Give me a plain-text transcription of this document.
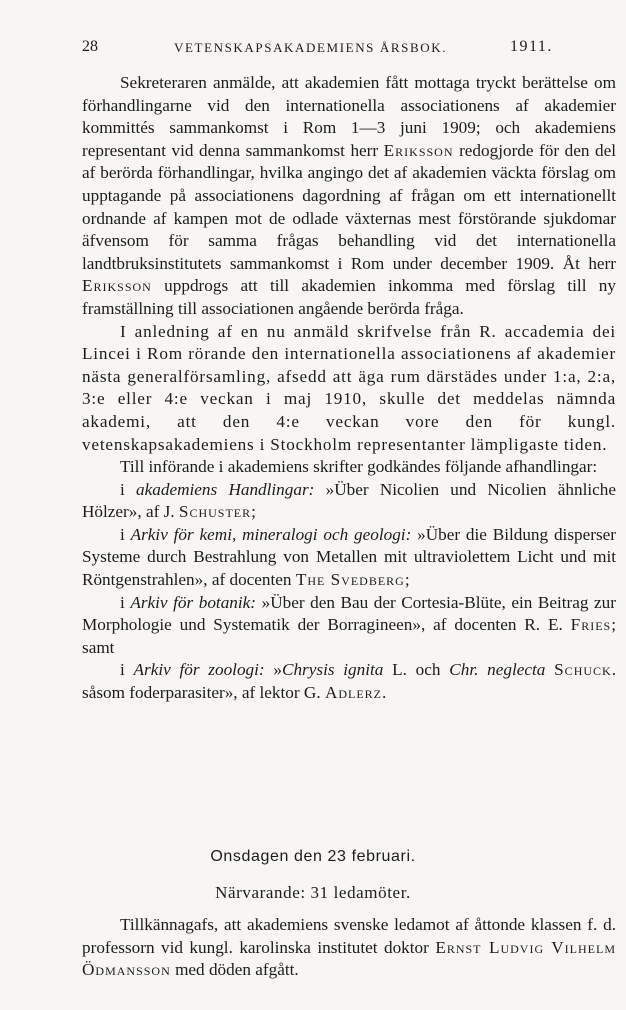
28	VETENSKAPSAKADEMIENS ÅRSBOK.	1911.

Sekreteraren anmälde, att akademien fått mottaga tryckt berättelse om förhandlingarne vid den internationella associationens af akademier kommittés sammankomst i Rom 1—3 juni 1909; och akademiens representant vid denna sammankomst herr Eriksson redogjorde för den del af berörda förhandlingar, hvilka angingo det af akademien väckta förslag om upptagande på associationens dagordning af frågan om ett internationellt ordnande af kampen mot de odlade växternas mest förstörande sjukdomar äfvensom för samma frågas behandling vid det internationella landtbruksinstitutets sammankomst i Rom under december 1909. Åt herr Eriksson uppdrogs att till akademien inkomma med förslag till ny framställning till associationen angående berörda fråga.

I anledning af en nu anmäld skrifvelse från R. accademia dei Lincei i Rom rörande den internationella associationens af akademier nästa generalförsamling, afsedd att äga rum därstädes under 1:a, 2:a, 3:e eller 4:e veckan i maj 1910, skulle det meddelas nämnda akademi, att den 4:e veckan vore den för kungl. vetenskapsakademiens i Stockholm representanter lämpligaste tiden.

Till införande i akademiens skrifter godkändes följande afhandlingar:

i akademiens Handlingar: »Über Nicolien und Nicolien ähnliche Hölzer», af J. Schuster;

i Arkiv för kemi, mineralogi och geologi: »Über die Bildung disperser Systeme durch Bestrahlung von Metallen mit ultraviolettem Licht und mit Röntgenstrahlen», af docenten The Svedberg;

i Arkiv för botanik: »Über den Bau der Cortesia-Blüte, ein Beitrag zur Morphologie und Systematik der Borragineen», af docenten R. E. Fries; samt

i Arkiv för zoologi: »Chrysis ignita L. och Chr. neglecta Schuck. såsom foderparasiter», af lektor G. Adlerz.

Onsdagen den 23 februari.
Närvarande: 31 ledamöter.

Tillkännagafs, att akademiens svenske ledamot af åttonde klassen f. d. professorn vid kungl. karolinska institutet doktor Ernst Ludvig Vilhelm Ödmansson med döden afgått.
